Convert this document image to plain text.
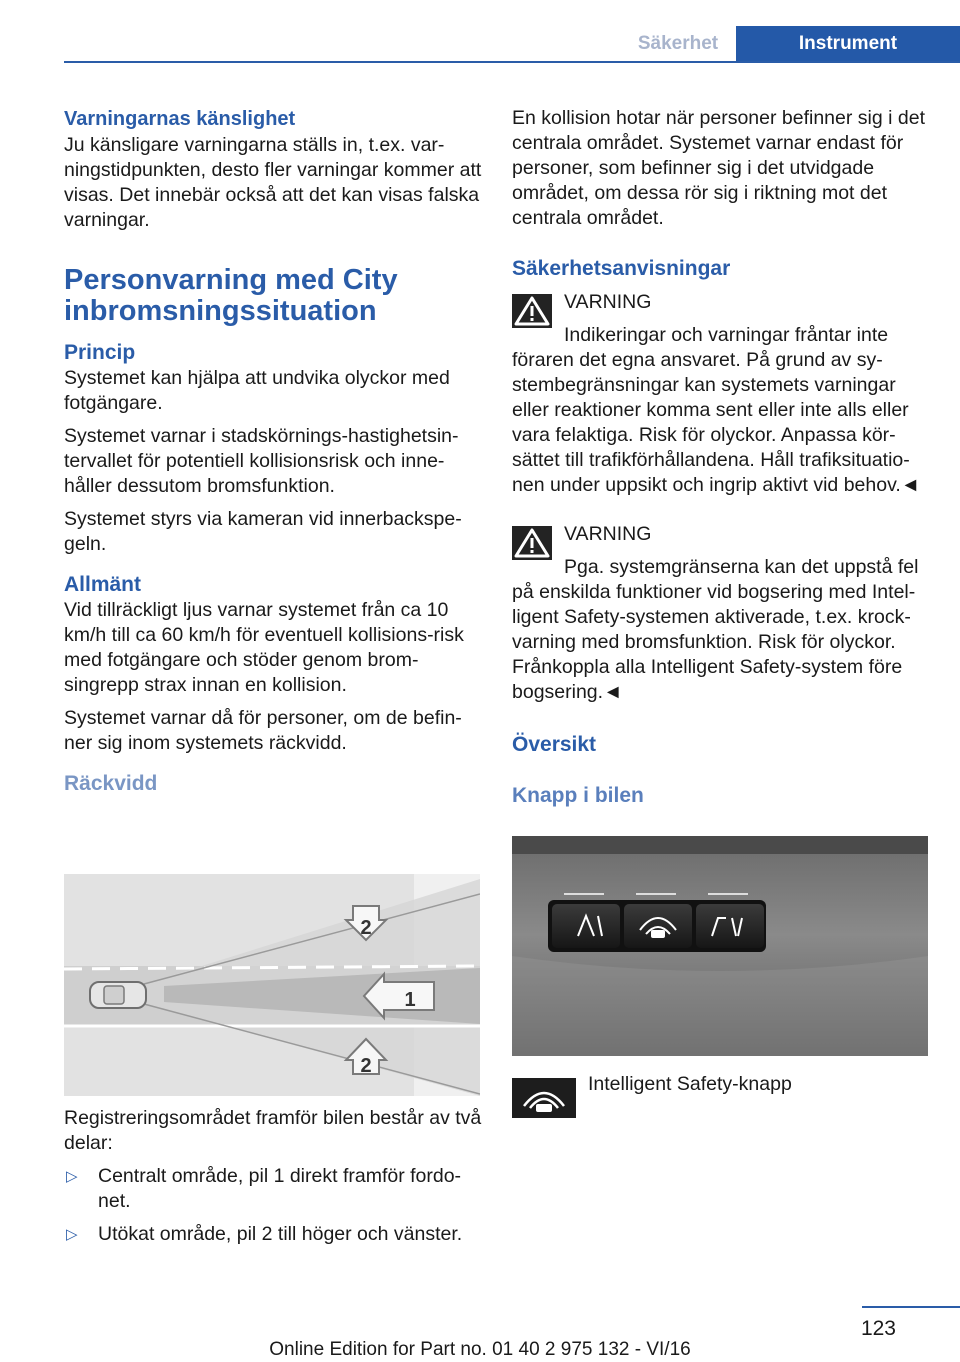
Säkerhet	Instrument
Varningarnas känslighet

Ju känsligare varningarna ställs in, t.ex. var-ningstidpunkten, desto fler varningar kommer att visas. Det innebär också att det kan visas falska varningar.

Personvarning med City inbromsningssituation
Princip

Systemet kan hjälpa att undvika olyckor med fotgängare.

Systemet varnar i stadskörnings-hastighetsin-tervallet för potentiell kollisionsrisk och inne-håller dessutom bromsfunktion.

Systemet styrs via kameran vid innerbackspe-geln.

Allmänt

Vid tillräckligt ljus varnar systemet från ca 10 km/h till ca 60 km/h för eventuell kollisions-risk med fotgängare och stöder genom brom-singrepp strax innan en kollision.

Systemet varnar då för personer, om de befin-ner sig inom systemets räckvidd.

Räckvidd
2
1
2

Registreringsområdet framför bilen består av två delar:

▷ Centralt område, pil 1 direkt framför fordo-net.
▷ Utökat område, pil 2 till höger och vänster.

En kollision hotar när personer befinner sig i det centrala området. Systemet varnar endast för personer, som befinner sig i det utvidgade området, om dessa rör sig i riktning mot det centrala området.

Säkerhetsanvisningar
VARNING

Indikeringar och varningar fråntar inte föraren det egna ansvaret. På grund av sy-stembegränsningar kan systemets varningar eller reaktioner komma sent eller inte alls eller vara felaktiga. Risk för olyckor. Anpassa kör-sättet till trafikförhållandena. Håll trafiksituatio-nen under uppsikt och ingrip aktivt vid behov.◄

VARNING

Pga. systemgränserna kan det uppstå fel på enskilda funktioner vid bogsering med Intel-ligent Safety-systemen aktiverade, t.ex. krock-varning med bromsfunktion. Risk för olyckor. Frånkoppla alla Intelligent Safety-system före bogsering.◄

Översikt
Knapp i bilen
Intelligent Safety-knapp
123
Online Edition for Part no. 01 40 2 975 132 - VI/16
